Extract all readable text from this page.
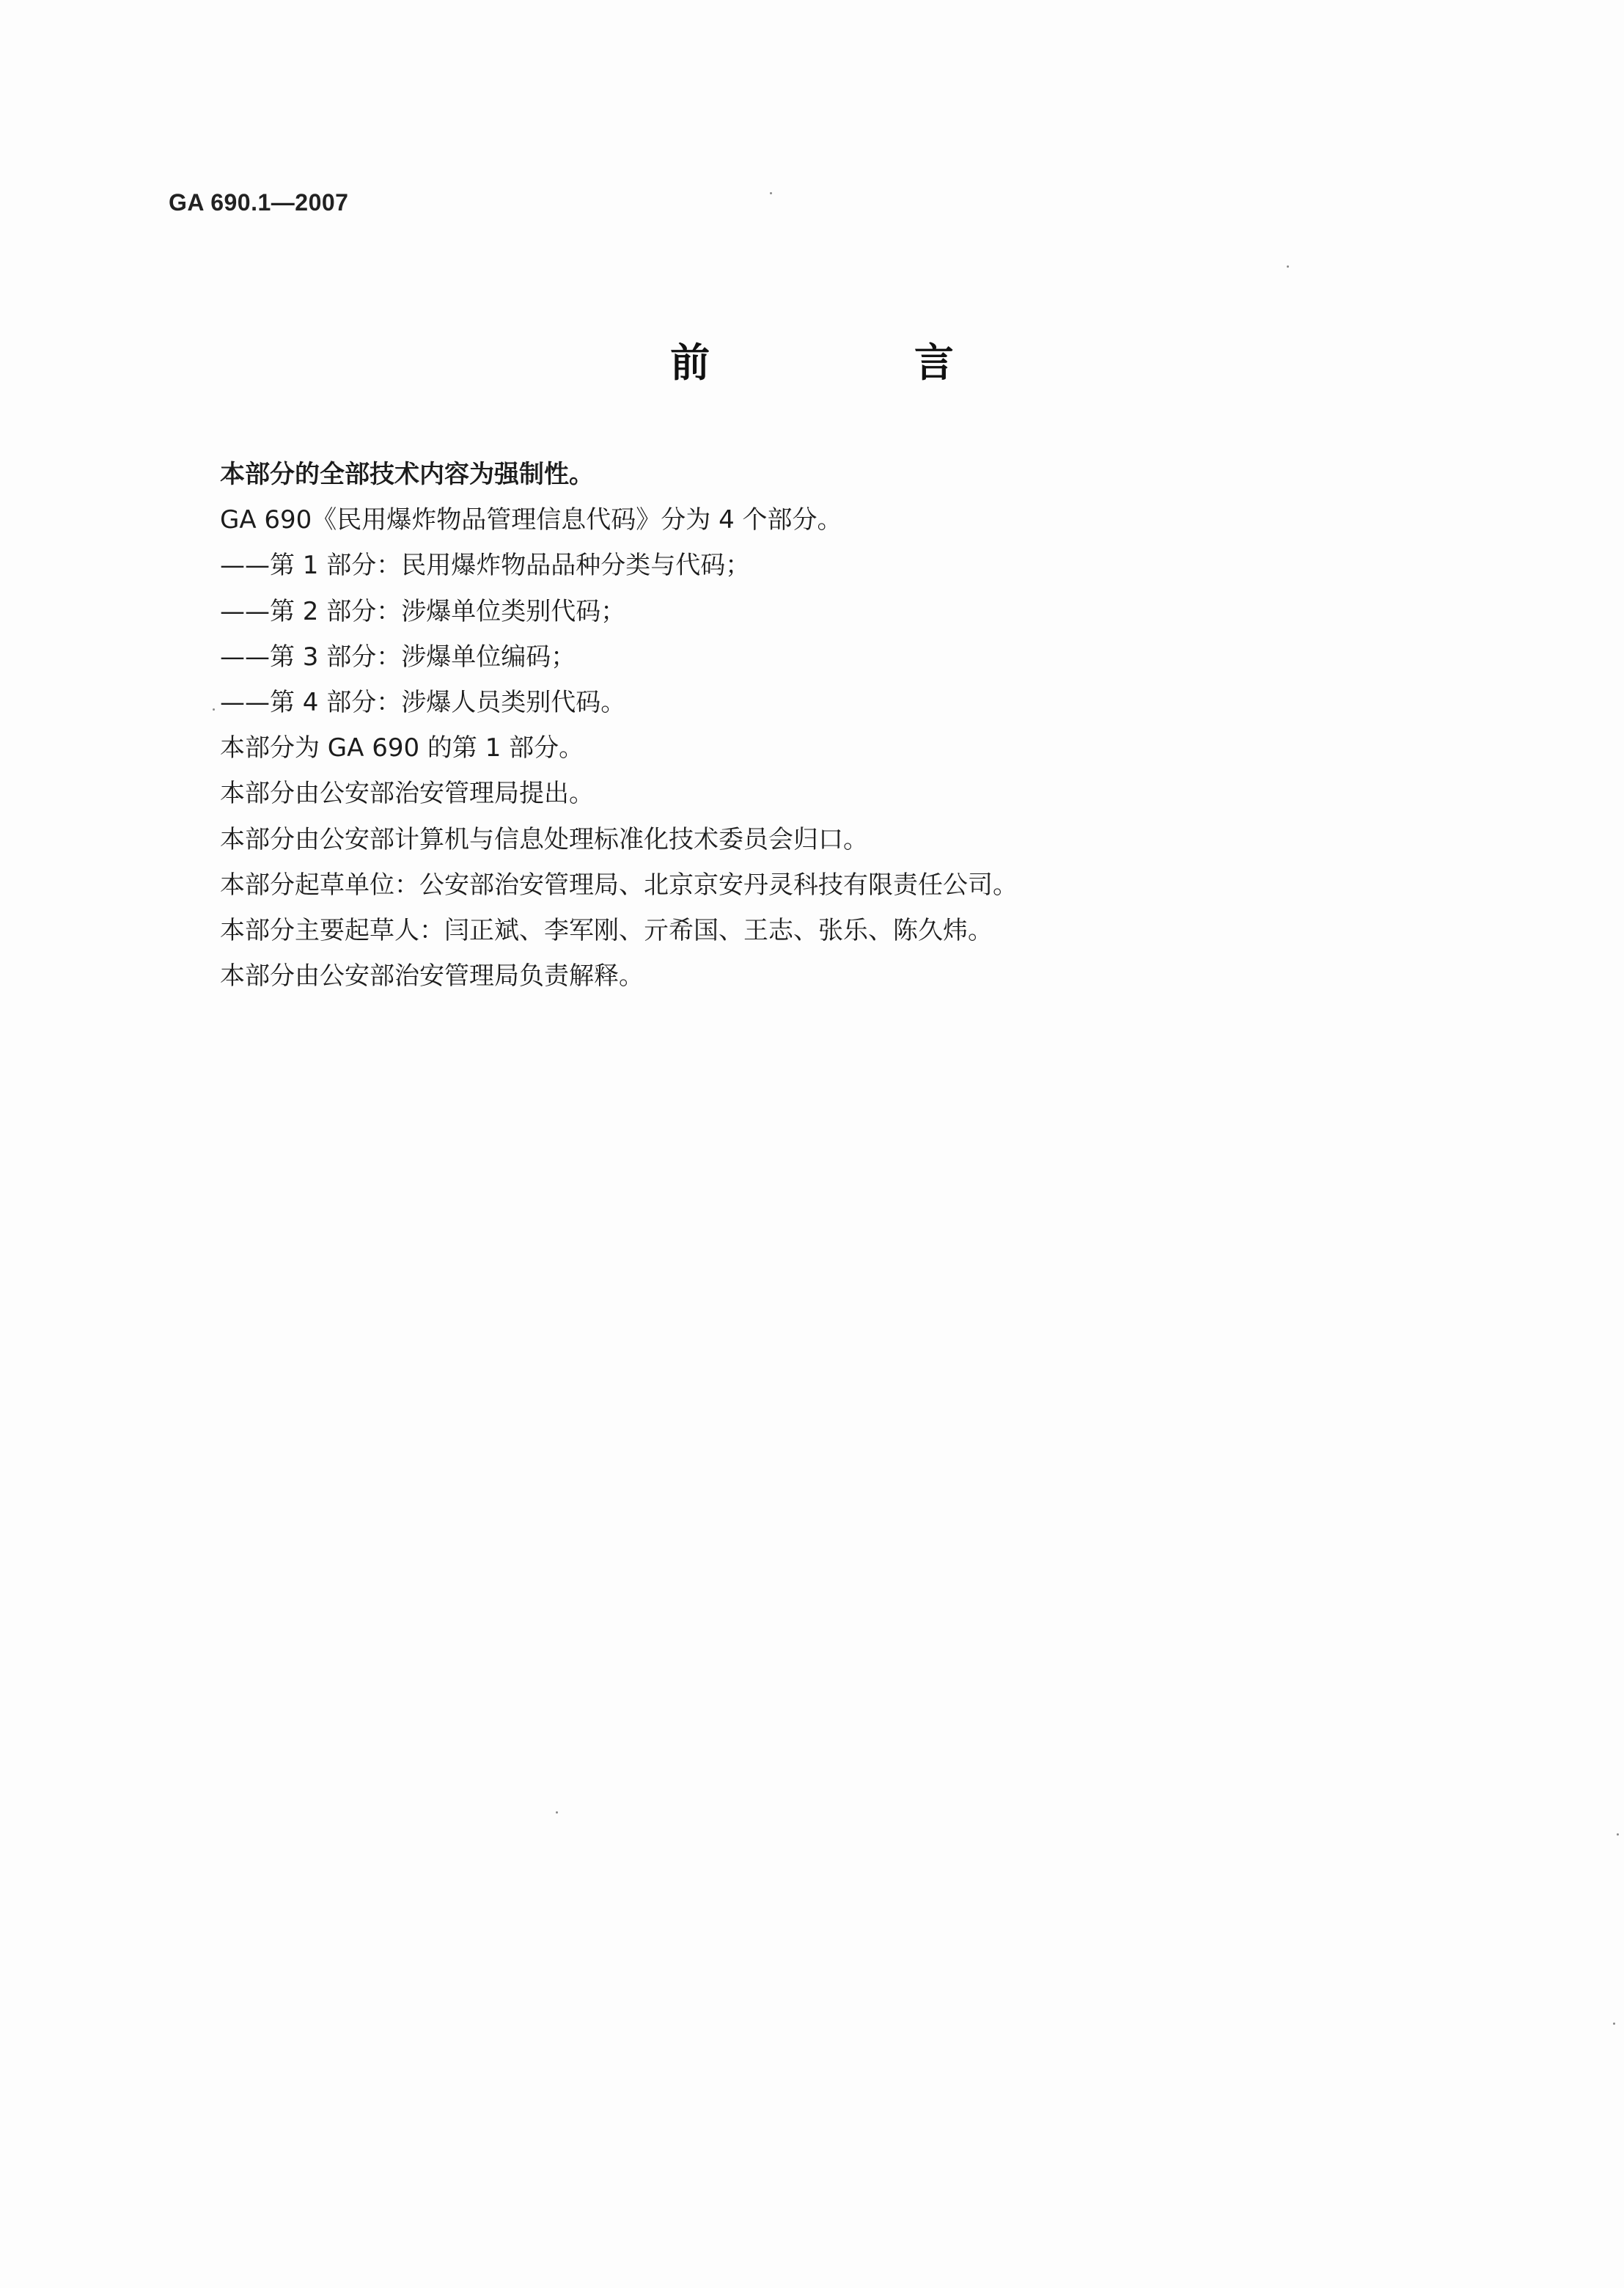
GA 690.1—2007
前 言
本部分的全部技术内容为强制性。
GA 690《民用爆炸物品管理信息代码》分为 4 个部分。
——第 1 部分：民用爆炸物品品种分类与代码；
——第 2 部分：涉爆单位类别代码；
——第 3 部分：涉爆单位编码；
——第 4 部分：涉爆人员类别代码。
本部分为 GA 690 的第 1 部分。
本部分由公安部治安管理局提出。
本部分由公安部计算机与信息处理标准化技术委员会归口。
本部分起草单位：公安部治安管理局、北京京安丹灵科技有限责任公司。
本部分主要起草人：闫正斌、李军刚、亓希国、王志、张乐、陈久炜。
本部分由公安部治安管理局负责解释。
